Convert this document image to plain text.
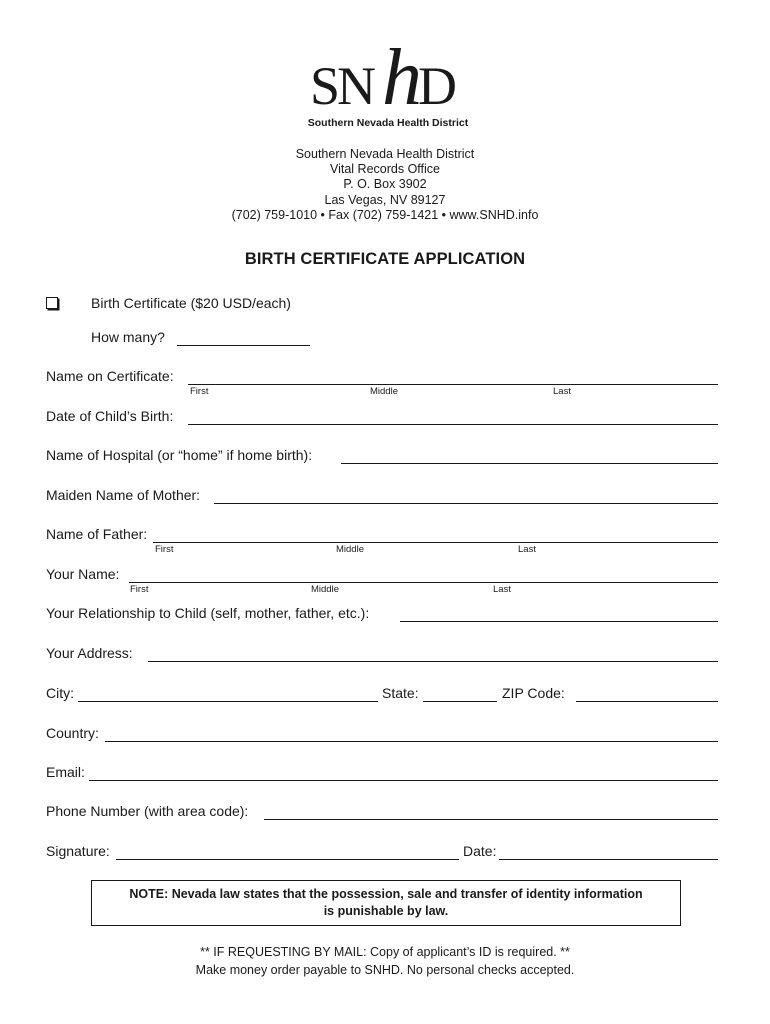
SN h
D
Southern Nevada Health District
Southern Nevada Health District
Vital Records Office
P. O. Box 3902
Las Vegas, NV 89127
(702) 759-1010 • Fax (702) 759-1421 • www.SNHD.info
BIRTH CERTIFICATE APPLICATION
Birth Certificate ($20 USD/each)
How many?
Name on Certificate:
First	Middle	Last
Date of Child’s Birth:
Name of Hospital (or “home” if home birth):
Maiden Name of Mother:
Name of Father:
First	Middle	Last
Your Name:
First	Middle	Last
Your Relationship to Child (self, mother, father, etc.):
Your Address:
City:	State:	ZIP Code:
Country:
Email:
Phone Number (with area code):
Signature:	Date:
NOTE: Nevada law states that the possession, sale and transfer of identity information
is punishable by law.
** IF REQUESTING BY MAIL: Copy of applicant’s ID is required. **
Make money order payable to SNHD. No personal checks accepted.
